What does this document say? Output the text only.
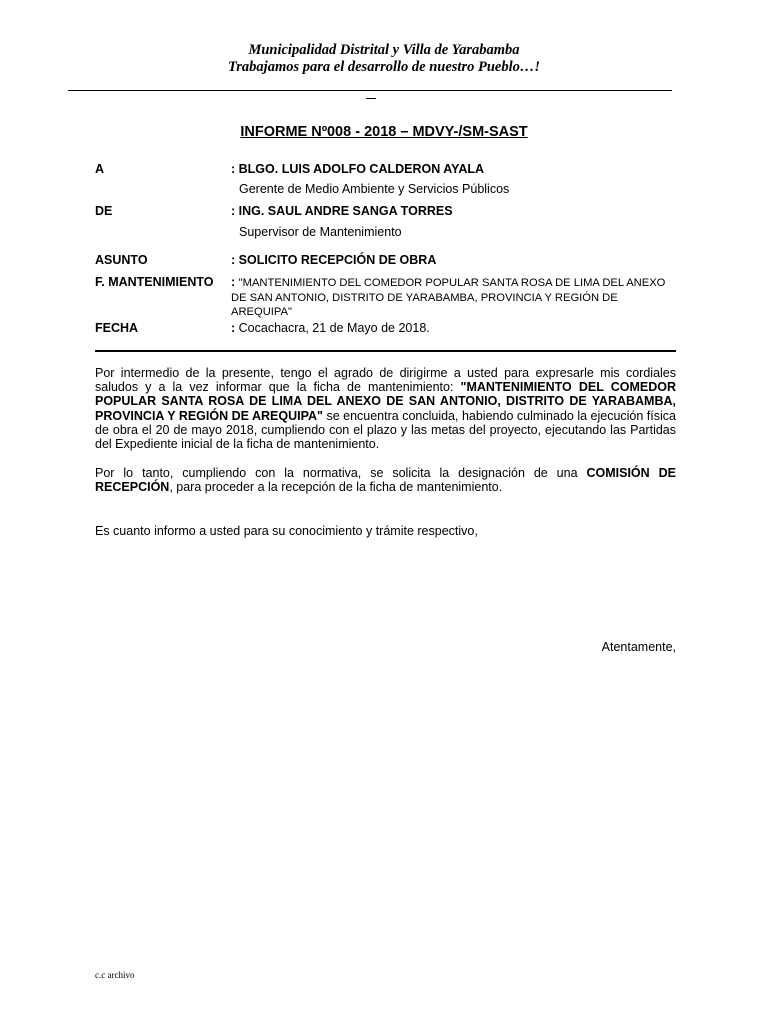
Municipalidad Distrital y Villa de Yarabamba
Trabajamos para el desarrollo de nuestro Pueblo…!
INFORME Nº008 - 2018 – MDVY-/SM-SAST
A	: BLGO. LUIS ADOLFO CALDERON AYALA
Gerente de Medio Ambiente y Servicios Públicos
DE	: ING. SAUL ANDRE SANGA TORRES
Supervisor de Mantenimiento
ASUNTO	: SOLICITO RECEPCIÓN DE OBRA
F. MANTENIMIENTO	: "MANTENIMIENTO DEL COMEDOR POPULAR SANTA ROSA DE LIMA DEL ANEXO DE SAN ANTONIO, DISTRITO DE YARABAMBA, PROVINCIA Y REGIÓN DE AREQUIPA"
FECHA	: Cocachacra, 21 de Mayo de 2018.
Por intermedio de la presente, tengo el agrado de dirigirme a usted para expresarle mis cordiales saludos y a la vez informar que la ficha de mantenimiento: "MANTENIMIENTO DEL COMEDOR POPULAR SANTA ROSA DE LIMA DEL ANEXO DE SAN ANTONIO, DISTRITO DE YARABAMBA, PROVINCIA Y REGIÓN DE AREQUIPA" se encuentra concluida, habiendo culminado la ejecución física de obra el 20 de mayo 2018, cumpliendo con el plazo y las metas del proyecto, ejecutando las Partidas del Expediente inicial de la ficha de mantenimiento.
Por lo tanto, cumpliendo con la normativa, se solicita la designación de una COMISIÓN DE RECEPCIÓN, para proceder a la recepción de la ficha de mantenimiento.
Es cuanto informo a usted para su conocimiento y trámite respectivo,
Atentamente,
c.c archivo
